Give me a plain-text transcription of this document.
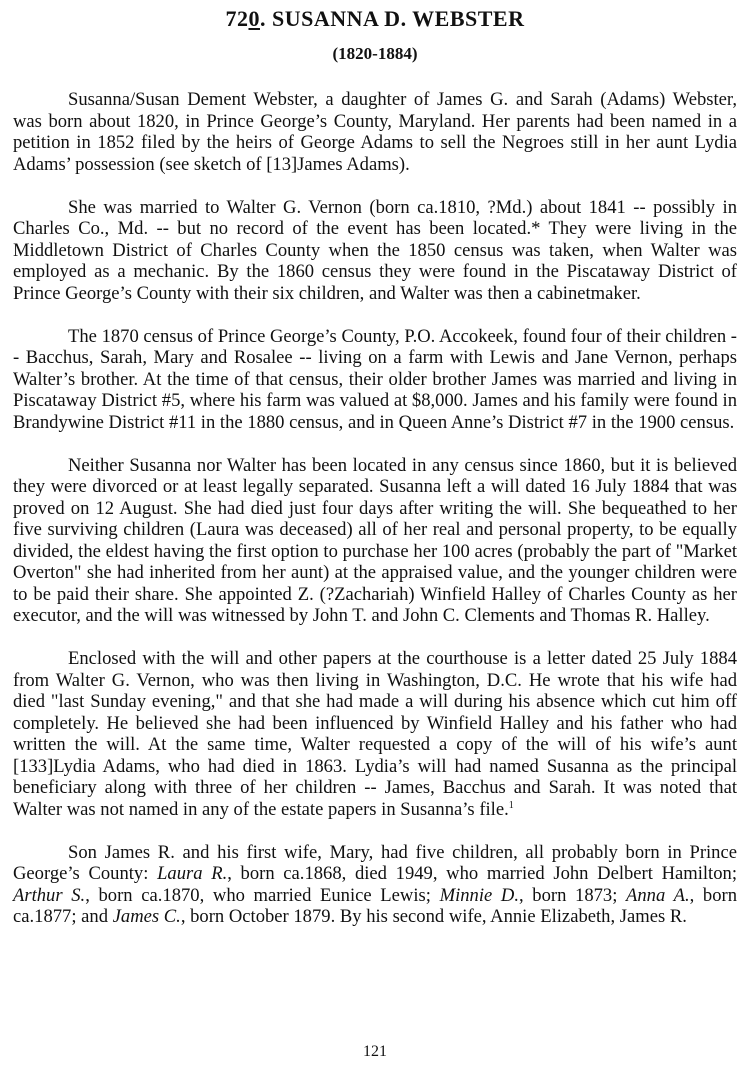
720. SUSANNA D. WEBSTER
(1820-1884)

Susanna/Susan Dement Webster, a daughter of James G. and Sarah (Adams) Webster, was born about 1820, in Prince George’s County, Maryland. Her parents had been named in a petition in 1852 filed by the heirs of George Adams to sell the Negroes still in her aunt Lydia Adams’ possession (see sketch of [13]James Adams).

She was married to Walter G. Vernon (born ca.1810, ?Md.) about 1841 -- possibly in Charles Co., Md. -- but no record of the event has been located.* They were living in the Middletown District of Charles County when the 1850 census was taken, when Walter was employed as a mechanic. By the 1860 census they were found in the Piscataway District of Prince George’s County with their six children, and Walter was then a cabinetmaker.

The 1870 census of Prince George’s County, P.O. Accokeek, found four of their children -- Bacchus, Sarah, Mary and Rosalee -- living on a farm with Lewis and Jane Vernon, perhaps Walter’s brother. At the time of that census, their older brother James was married and living in Piscataway District #5, where his farm was valued at $8,000. James and his family were found in Brandywine District #11 in the 1880 census, and in Queen Anne’s District #7 in the 1900 census.

Neither Susanna nor Walter has been located in any census since 1860, but it is believed they were divorced or at least legally separated. Susanna left a will dated 16 July 1884 that was proved on 12 August. She had died just four days after writing the will. She bequeathed to her five surviving children (Laura was deceased) all of her real and personal property, to be equally divided, the eldest having the first option to purchase her 100 acres (probably the part of "Market Overton" she had inherited from her aunt) at the appraised value, and the younger children were to be paid their share. She appointed Z. (?Zachariah) Winfield Halley of Charles County as her executor, and the will was witnessed by John T. and John C. Clements and Thomas R. Halley.

Enclosed with the will and other papers at the courthouse is a letter dated 25 July 1884 from Walter G. Vernon, who was then living in Washington, D.C. He wrote that his wife had died "last Sunday evening," and that she had made a will during his absence which cut him off completely. He believed she had been influenced by Winfield Halley and his father who had written the will. At the same time, Walter requested a copy of the will of his wife’s aunt [133]Lydia Adams, who had died in 1863. Lydia’s will had named Susanna as the principal beneficiary along with three of her children -- James, Bacchus and Sarah. It was noted that Walter was not named in any of the estate papers in Susanna’s file.$^1$

Son James R. and his first wife, Mary, had five children, all probably born in Prince George’s County: Laura R., born ca.1868, died 1949, who married John Delbert Hamilton; Arthur S., born ca.1870, who married Eunice Lewis; Minnie D., born 1873; Anna A., born ca.1877; and James C., born October 1879. By his second wife, Annie Elizabeth, James R.

121
